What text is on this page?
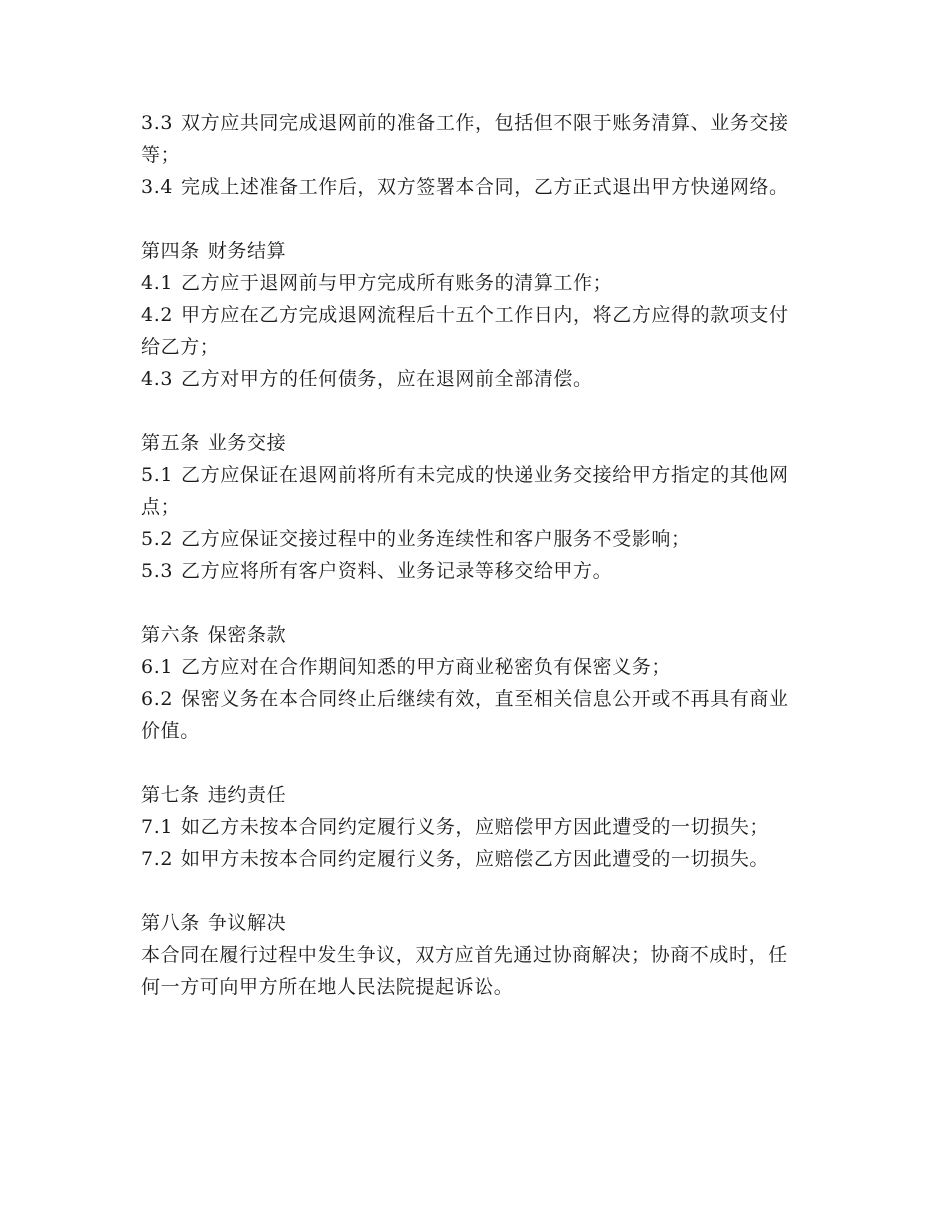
3.3 双方应共同完成退网前的准备工作，包括但不限于账务清算、业务交接等；

3.4 完成上述准备工作后，双方签署本合同，乙方正式退出甲方快递网络。

第四条 财务结算

4.1 乙方应于退网前与甲方完成所有账务的清算工作；

4.2 甲方应在乙方完成退网流程后十五个工作日内，将乙方应得的款项支付给乙方；

4.3 乙方对甲方的任何债务，应在退网前全部清偿。

第五条 业务交接

5.1 乙方应保证在退网前将所有未完成的快递业务交接给甲方指定的其他网点；

5.2 乙方应保证交接过程中的业务连续性和客户服务不受影响；

5.3 乙方应将所有客户资料、业务记录等移交给甲方。

第六条 保密条款

6.1 乙方应对在合作期间知悉的甲方商业秘密负有保密义务；

6.2 保密义务在本合同终止后继续有效，直至相关信息公开或不再具有商业价值。

第七条 违约责任

7.1 如乙方未按本合同约定履行义务，应赔偿甲方因此遭受的一切损失；

7.2 如甲方未按本合同约定履行义务，应赔偿乙方因此遭受的一切损失。

第八条 争议解决

本合同在履行过程中发生争议，双方应首先通过协商解决；协商不成时，任何一方可向甲方所在地人民法院提起诉讼。
